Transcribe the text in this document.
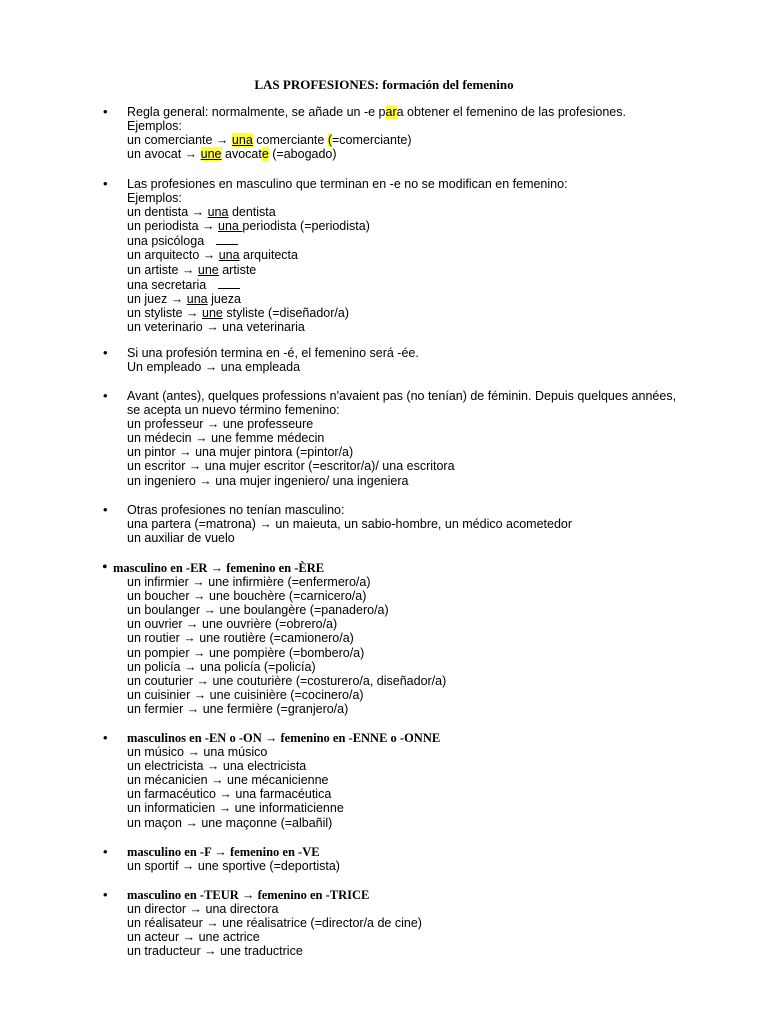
LAS PROFESIONES: formación del femenino
• Regla general: normalmente, se añade un -e para obtener el femenino de las profesiones.
Ejemplos:
un comerciante → una comerciante (=comerciante)
un avocat → une avocate (=abogado)
• Las profesiones en masculino que terminan en -e no se modifican en femenino:
Ejemplos:
un dentista → una dentista
un periodista → una periodista (=periodista)
una psicóloga
un arquitecto → una arquitecta
un artiste → une artiste
una secretaria
un juez → una jueza
un styliste → une styliste (=diseñador/a)
un veterinario → una veterinaria
• Si una profesión termina en -é, el femenino será -ée.
Un empleado → una empleada
• Avant (antes), quelques professions n'avaient pas (no tenían) de féminin. Depuis quelques années,
se acepta un nuevo término femenino:
un professeur → une professeure
un médecin → une femme médecin
un pintor → una mujer pintora (=pintor/a)
un escritor → una mujer escritor (=escritor/a)/ una escritora
un ingeniero → una mujer ingeniero/ una ingeniera
• Otras profesiones no tenían masculino:
una partera (=matrona) → un maieuta, un sabio-hombre, un médico acometedor
un auxiliar de vuelo
• masculino en -ER → femenino en -ÈRE
un infirmier → une infirmière (=enfermero/a)
un boucher → une bouchère (=carnicero/a)
un boulanger → une boulangère (=panadero/a)
un ouvrier → une ouvrière (=obrero/a)
un routier → une routière (=camionero/a)
un pompier → une pompière (=bombero/a)
un policía → una policía (=policía)
un couturier → une couturière (=costurero/a, diseñador/a)
un cuisinier → une cuisinière (=cocinero/a)
un fermier → une fermière (=granjero/a)
• masculinos en -EN o -ON → femenino en -ENNE o -ONNE
un músico → una músico
un electricista → una electricista
un mécanicien → une mécanicienne
un farmacéutico → una farmacéutica
un informaticien → une informaticienne
un maçon → une maçonne (=albañil)
• masculino en -F → femenino en -VE
un sportif → une sportive (=deportista)
• masculino en -TEUR → femenino en -TRICE
un director → una directora
un réalisateur → une réalisatrice (=director/a de cine)
un acteur → une actrice
un traducteur → une traductrice
